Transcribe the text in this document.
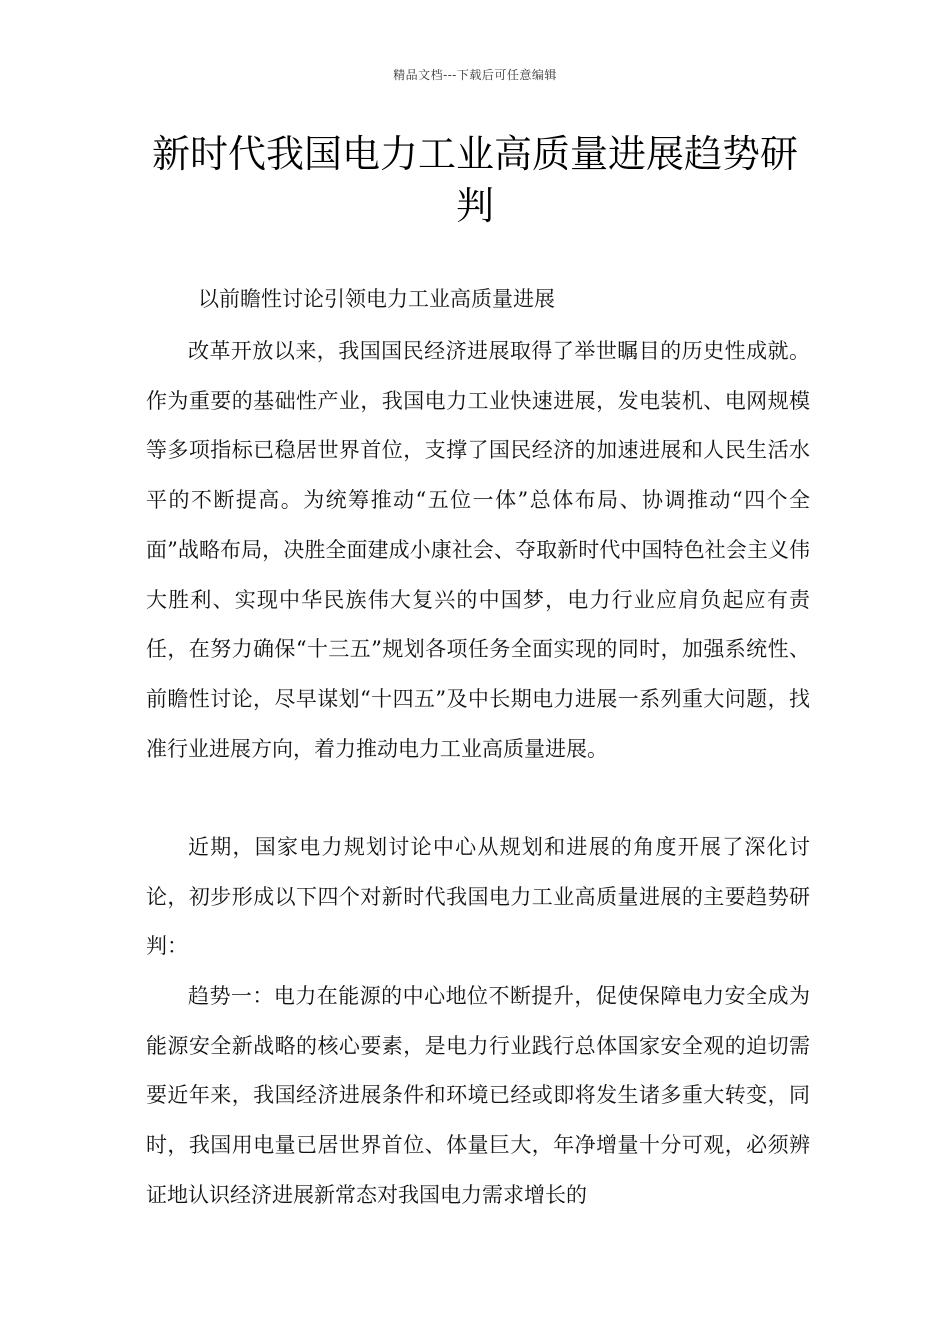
精品文档---下载后可任意编辑
新时代我国电力工业高质量进展趋势研判

以前瞻性讨论引领电力工业高质量进展

改革开放以来，我国国民经济进展取得了举世瞩目的历史性成就。作为重要的基础性产业，我国电力工业快速进展，发电装机、电网规模等多项指标已稳居世界首位，支撑了国民经济的加速进展和人民生活水平的不断提高。为统筹推动“五位一体”总体布局、协调推动“四个全面”战略布局，决胜全面建成小康社会、夺取新时代中国特色社会主义伟大胜利、实现中华民族伟大复兴的中国梦，电力行业应肩负起应有责任，在努力确保“十三五”规划各项任务全面实现的同时，加强系统性、前瞻性讨论，尽早谋划“十四五”及中长期电力进展一系列重大问题，找准行业进展方向，着力推动电力工业高质量进展。

近期，国家电力规划讨论中心从规划和进展的角度开展了深化讨论，初步形成以下四个对新时代我国电力工业高质量进展的主要趋势研判：

趋势一：电力在能源的中心地位不断提升，促使保障电力安全成为能源安全新战略的核心要素，是电力行业践行总体国家安全观的迫切需要近年来，我国经济进展条件和环境已经或即将发生诸多重大转变，同时，我国用电量已居世界首位、体量巨大，年净增量十分可观，必须辨证地认识经济进展新常态对我国电力需求增长的
